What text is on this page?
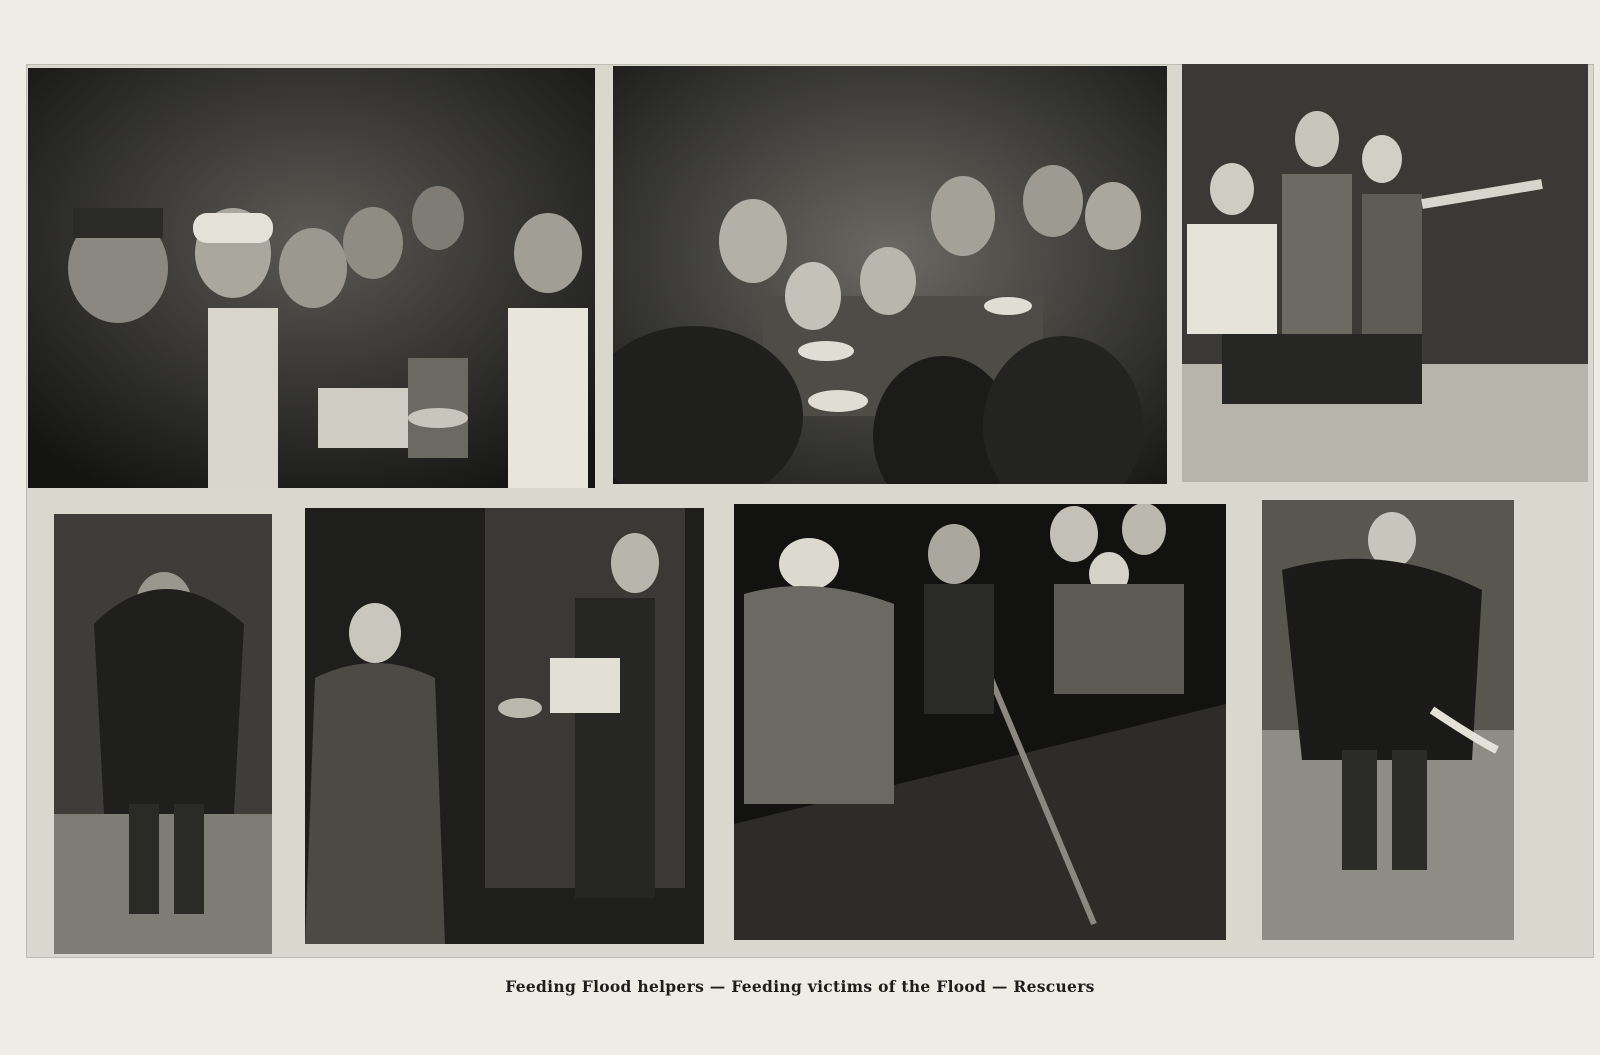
Feeding Flood helpers — Feeding victims of the Flood — Rescuers
